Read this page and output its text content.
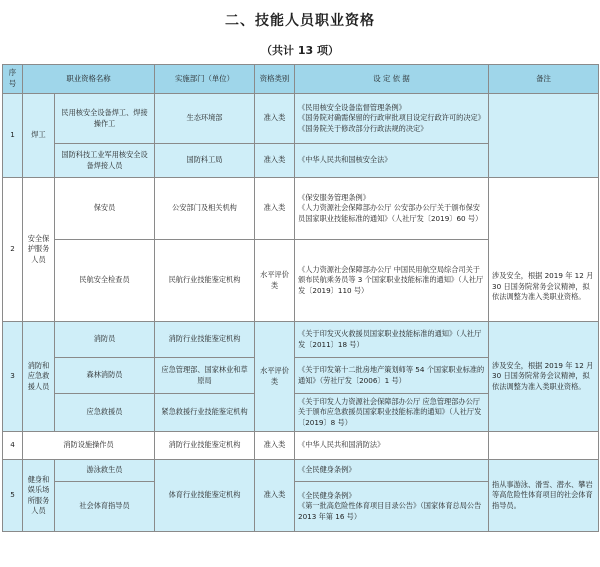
二、技能人员职业资格
（共计 13 项）
序号	职业资格名称		实施部门（单位）	资格类别	设 定 依 据	备注
1	焊工	民用核安全设备焊工、焊接操作工	生态环境部	准入类	《民用核安全设备监督管理条例》
《国务院对确需保留的行政审批项目设定行政许可的决定》
《国务院关于修改部分行政法规的决定》	

		国防科技工业军用核安全设备焊接人员	国防科工局	准入类	《中华人民共和国核安全法》	

2	安全保护服务人员	保安员	公安部门及相关机构	准入类	《保安服务管理条例》
《人力资源社会保障部办公厅 公安部办公厅关于颁布保安员国家职业技能标准的通知》（人社厅发〔2019〕60 号）	涉及安全，根据 2019 年 12 月 30 日国务院常务会议精神，拟依法调整为准入类职业资格。
		民航安全检查员	民航行业技能鉴定机构	水平评价类	《人力资源社会保障部办公厅 中国民用航空局综合司关于颁布民航乘务员等 3 个国家职业技能标准的通知》（人社厅发〔2019〕110 号）	

3	消防和应急救援人员	消防员	消防行业技能鉴定机构	水平评价类	《关于印发灭火救援员国家职业技能标准的通知》（人社厅发〔2011〕18 号）	涉及安全，根据 2019 年 12 月 30 日国务院常务会议精神，拟依法调整为准入类职业资格。
		森林消防员	应急管理部、国家林业和草原局		《关于印发第十二批房地产策划师等 54 个国家职业标准的通知》（劳社厅发〔2006〕1 号）	

		应急救援员	紧急救援行业技能鉴定机构		《关于印发人力资源社会保障部办公厅 应急管理部办公厅关于颁布应急救援员国家职业技能标准的通知》（人社厅发〔2019〕8 号）	

4	消防设施操作员		消防行业技能鉴定机构	准入类	《中华人民共和国消防法》	

5	健身和娱乐场所服务人员	游泳救生员	体育行业技能鉴定机构	准入类	《全民健身条例》	指从事游泳、滑雪、潜水、攀岩等高危险性体育项目的社会体育指导员。
		社会体育指导员			《全民健身条例》
《第一批高危险性体育项目目录公告》（国家体育总局公告 2013 年第 16 号）	
